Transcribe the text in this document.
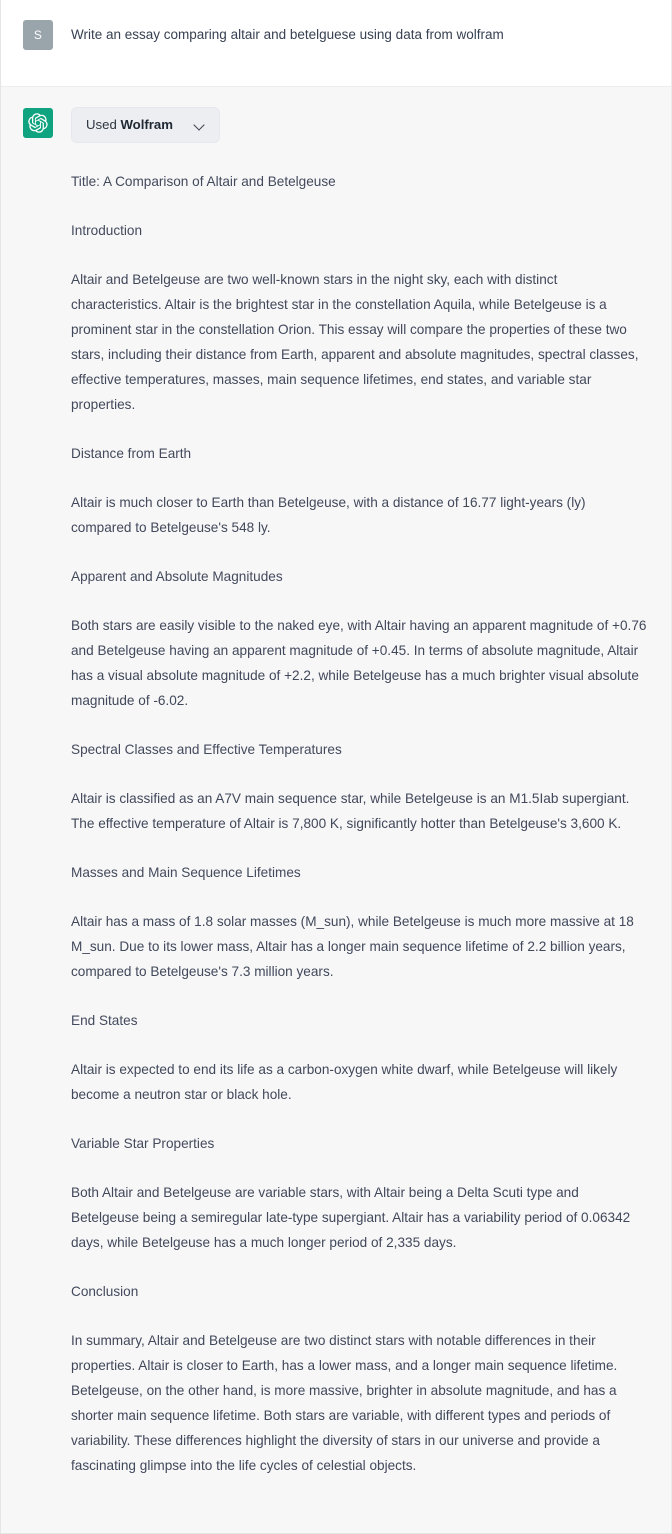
S Write an essay comparing altair and betelguese using data from wolfram
Used Wolfram

Title: A Comparison of Altair and Betelgeuse

Introduction

Altair and Betelgeuse are two well-known stars in the night sky, each with distinct characteristics. Altair is the brightest star in the constellation Aquila, while Betelgeuse is a prominent star in the constellation Orion. This essay will compare the properties of these two stars, including their distance from Earth, apparent and absolute magnitudes, spectral classes, effective temperatures, masses, main sequence lifetimes, end states, and variable star properties.

Distance from Earth

Altair is much closer to Earth than Betelgeuse, with a distance of 16.77 light-years (ly) compared to Betelgeuse's 548 ly.

Apparent and Absolute Magnitudes

Both stars are easily visible to the naked eye, with Altair having an apparent magnitude of +0.76 and Betelgeuse having an apparent magnitude of +0.45. In terms of absolute magnitude, Altair has a visual absolute magnitude of +2.2, while Betelgeuse has a much brighter visual absolute magnitude of -6.02.

Spectral Classes and Effective Temperatures

Altair is classified as an A7V main sequence star, while Betelgeuse is an M1.5Iab supergiant. The effective temperature of Altair is 7,800 K, significantly hotter than Betelgeuse's 3,600 K.

Masses and Main Sequence Lifetimes

Altair has a mass of 1.8 solar masses (M_sun), while Betelgeuse is much more massive at 18 M_sun. Due to its lower mass, Altair has a longer main sequence lifetime of 2.2 billion years, compared to Betelgeuse's 7.3 million years.

End States

Altair is expected to end its life as a carbon-oxygen white dwarf, while Betelgeuse will likely become a neutron star or black hole.

Variable Star Properties

Both Altair and Betelgeuse are variable stars, with Altair being a Delta Scuti type and Betelgeuse being a semiregular late-type supergiant. Altair has a variability period of 0.06342 days, while Betelgeuse has a much longer period of 2,335 days.

Conclusion

In summary, Altair and Betelgeuse are two distinct stars with notable differences in their properties. Altair is closer to Earth, has a lower mass, and a longer main sequence lifetime. Betelgeuse, on the other hand, is more massive, brighter in absolute magnitude, and has a shorter main sequence lifetime. Both stars are variable, with different types and periods of variability. These differences highlight the diversity of stars in our universe and provide a fascinating glimpse into the life cycles of celestial objects.
